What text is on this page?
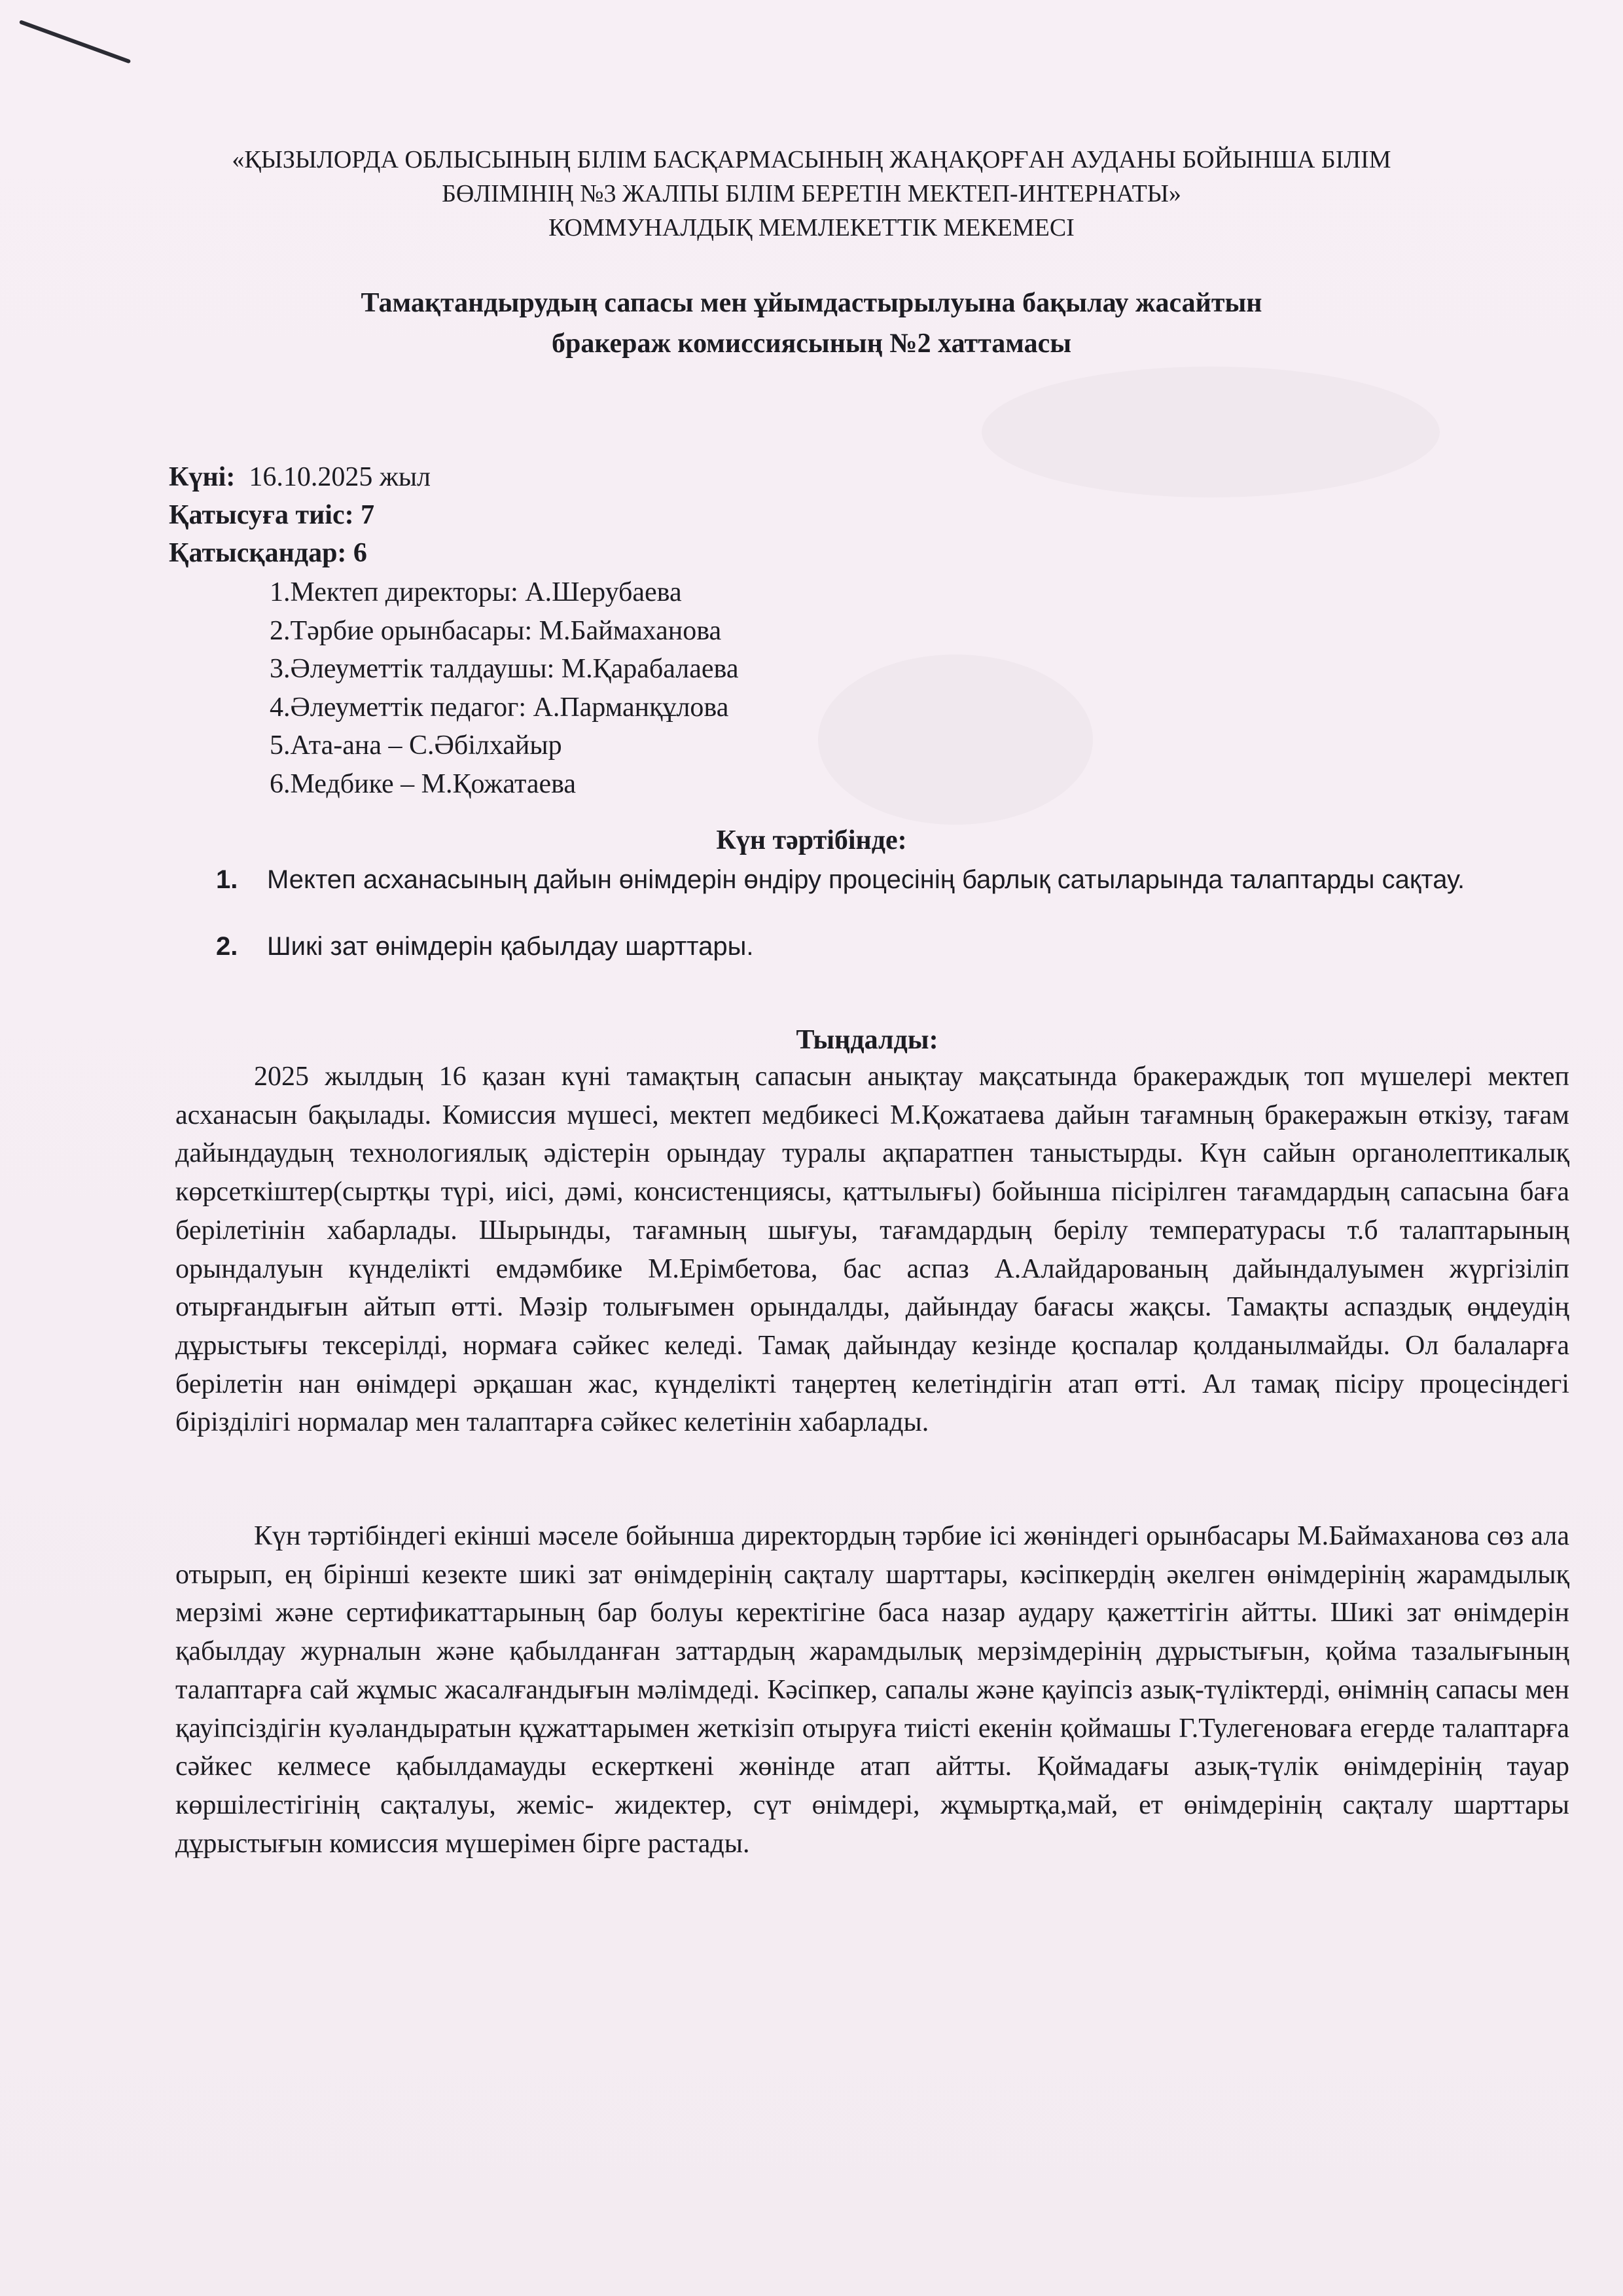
«ҚЫЗЫЛОРДА ОБЛЫСЫНЫҢ БІЛІМ БАСҚАРМАСЫНЫҢ ЖАҢАҚОРҒАН АУДАНЫ БОЙЫНША БІЛІМ
БӨЛІМІНІҢ №3 ЖАЛПЫ БІЛІМ БЕРЕТІН МЕКТЕП-ИНТЕРНАТЫ»
КОММУНАЛДЫҚ МЕМЛЕКЕТТІК МЕКЕМЕСІ
Тамақтандырудың сапасы мен ұйымдастырылуына бақылау жасайтын
бракераж комиссиясының №2 хаттамасы
Күні:  16.10.2025 жыл
Қатысуға тиіс: 7
Қатысқандар: 6
1.Мектеп директоры: А.Шерубаева
2.Тәрбие орынбасары: М.Баймаханова
3.Әлеуметтік талдаушы: М.Қарабалаева
4.Әлеуметтік педагог: А.Парманқұлова
5.Ата-ана – С.Әбілхайыр
6.Медбике – М.Қожатаева
Күн тәртібінде:
1.	Мектеп асханасының дайын өнімдерін өндіру процесінің барлық сатыларында талаптарды сақтау.
2.	Шикі зат өнімдерін қабылдау шарттары.
Тыңдалды:
2025 жылдың 16 қазан күні тамақтың сапасын анықтау мақсатында бракераждық топ мүшелері мектеп асханасын бақылады. Комиссия мүшесі, мектеп медбикесі М.Қожатаева дайын тағамның бракеражын өткізу, тағам дайындаудың технологиялық әдістерін орындау туралы ақпаратпен таныстырды. Күн сайын органолептикалық көрсеткіштер(сыртқы түрі, иісі, дәмі, консистенциясы, қаттылығы) бойынша пісірілген тағамдардың сапасына баға берілетінін хабарлады. Шырынды, тағамның шығуы, тағамдардың берілу температурасы т.б талаптарының орындалуын күнделікті емдәмбике М.Ерімбетова, бас аспаз А.Алайдарованың дайындалуымен жүргізіліп отырғандығын айтып өтті. Мәзір толығымен орындалды, дайындау бағасы жақсы. Тамақты аспаздық өңдеудің дұрыстығы тексерілді, нормаға сәйкес келеді. Тамақ дайындау кезінде қоспалар қолданылмайды. Ол балаларға берілетін нан өнімдері әрқашан жас, күнделікті таңертең келетіндігін атап өтті. Ал тамақ пісіру процесіндегі бірізділігі нормалар мен талаптарға сәйкес келетінін хабарлады.
Күн тәртібіндегі екінші мәселе бойынша директордың тәрбие ісі жөніндегі орынбасары М.Баймаханова сөз ала отырып, ең бірінші кезекте шикі зат өнімдерінің сақталу шарттары, кәсіпкердің әкелген өнімдерінің жарамдылық мерзімі және сертификаттарының бар болуы керектігіне баса назар аудару қажеттігін айтты. Шикі зат өнімдерін қабылдау журналын және қабылданған заттардың жарамдылық мерзімдерінің дұрыстығын, қойма тазалығының талаптарға сай жұмыс жасалғандығын мәлімдеді. Кәсіпкер, сапалы және қауіпсіз азық-түліктерді, өнімнің сапасы мен қауіпсіздігін куәландыратын құжаттарымен жеткізіп отыруға тиісті екенін қоймашы Г.Тулегеноваға егерде талаптарға сәйкес келмесе қабылдамауды ескерткені жөнінде атап айтты. Қоймадағы азық-түлік өнімдерінің тауар көршілестігінің сақталуы, жеміс- жидектер, сүт өнімдері, жұмыртқа,май, ет өнімдерінің сақталу шарттары дұрыстығын комиссия мүшерімен бірге растады.
